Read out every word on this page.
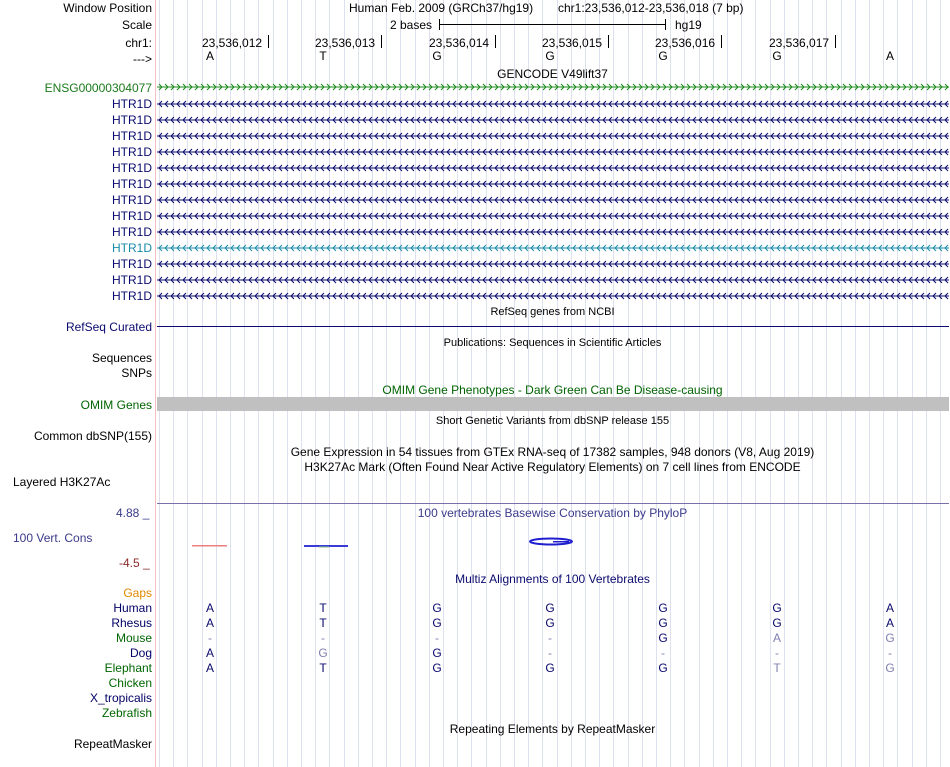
Window Position	Human Feb. 2009 (GRCh37/hg19) chr1:23,536,012-23,536,018 (7 bp)
Scale	2 bases	hg19
chr1:	23,536,012	23,536,013	23,536,014	23,536,015	23,536,016	23,536,017
--->	A	T	G	G	G	G	A
GENCODE V49lift37
ENSG00000304077
HTR1D
HTR1D
HTR1D
HTR1D
HTR1D
HTR1D
HTR1D
HTR1D
HTR1D
HTR1D
HTR1D
HTR1D
HTR1D
RefSeq genes from NCBI
RefSeq Curated
Publications: Sequences in Scientific Articles
Sequences
SNPs
OMIM Gene Phenotypes - Dark Green Can Be Disease-causing
OMIM Genes
Short Genetic Variants from dbSNP release 155
Common dbSNP(155)
Gene Expression in 54 tissues from GTEx RNA-seq of 17382 samples, 948 donors (V8, Aug 2019)
H3K27Ac Mark (Often Found Near Active Regulatory Elements) on 7 cell lines from ENCODE
Layered H3K27Ac
100 vertebrates Basewise Conservation by PhyloP
4.88 _
100 Vert. Cons
-4.5 _
Multiz Alignments of 100 Vertebrates
Gaps
Human	A	T	G	G	G	G	A
Rhesus	A	T	G	G	G	G	A
Mouse	-	-	-	-	G	A	G
Dog	A	G	G	-	-	-	-
Elephant	A	T	G	G	G	T	G
Chicken
X_tropicalis
Zebrafish
Repeating Elements by RepeatMasker
RepeatMasker
